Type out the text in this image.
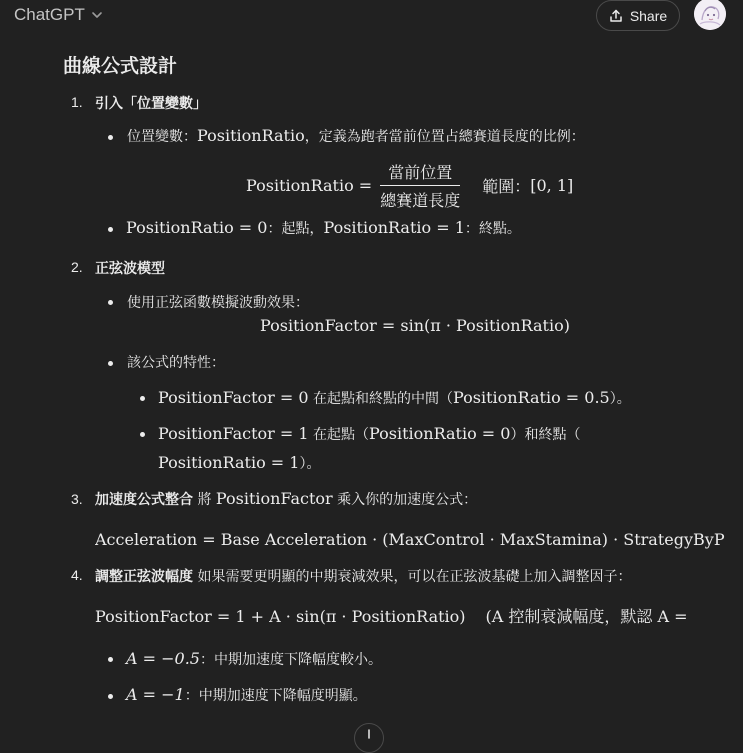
ChatGPT	Share
曲線公式設計
1. 引入「位置變數」
位置變數：PositionRatio，定義為跑者當前位置占總賽道長度的比例：
PositionRatio = $\frac{\text{當前位置}}{\text{總賽道長度}}$ 範圍： [0, 1]
PositionRatio = 0：起點，PositionRatio = 1：終點。
2. 正弦波模型
使用正弦函數模擬波動效果：
PositionFactor = sin(π · PositionRatio)
該公式的特性：
PositionFactor = 0 在起點和終點的中間（PositionRatio = 0.5）。
PositionFactor = 1 在起點（PositionRatio = 0）和終點（
PositionRatio = 1）。
3. 加速度公式整合 將 PositionFactor 乘入你的加速度公式：
Acceleration = Base Acceleration · (MaxControl · MaxStamina) · StrategyByP
4. 調整正弦波幅度 如果需要更明顯的中期衰減效果，可以在正弦波基礎上加入調整因子：
PositionFactor = 1 + A · sin(π · PositionRatio) (A 控制衰減幅度，默認 A =
A = −0.5：中期加速度下降幅度較小。
A = −1：中期加速度下降幅度明顯。
